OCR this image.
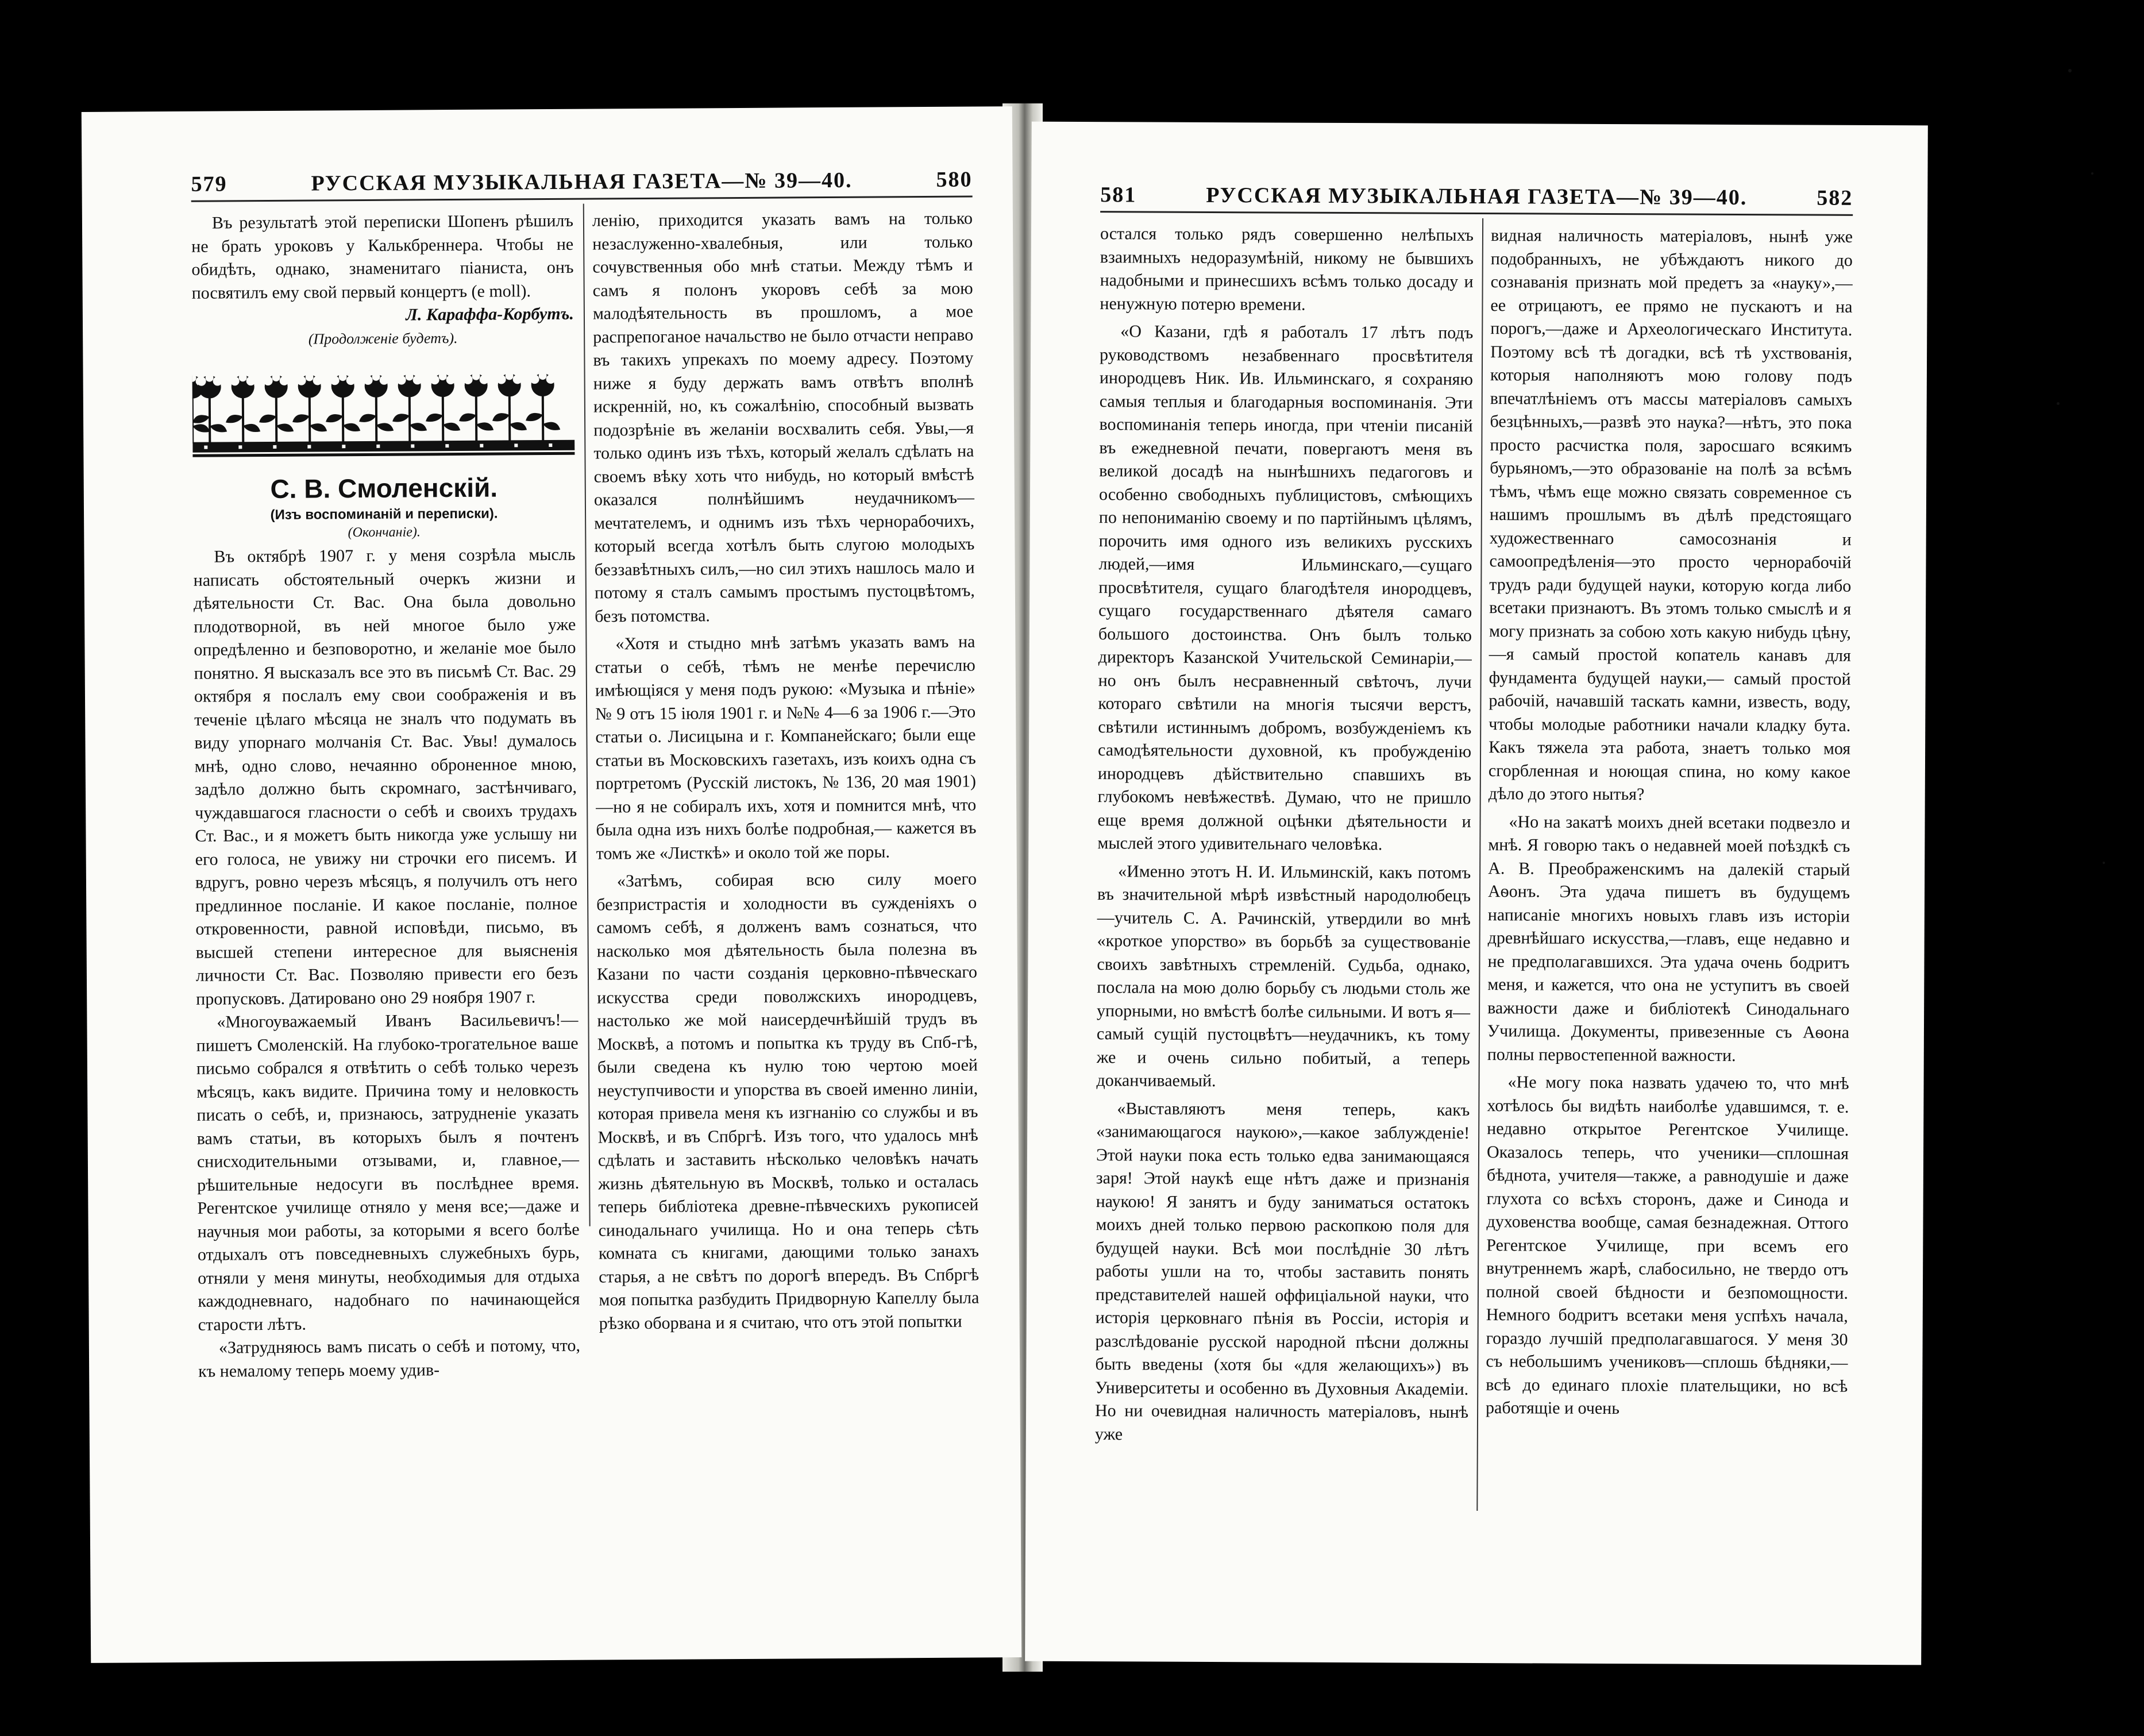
579	РУССКАЯ МУЗЫКАЛЬНАЯ ГАЗЕТА—№ 39—40.	580

Въ результатѣ этой переписки Шопенъ рѣшилъ не брать уроковъ у Калькбреннера. Чтобы не обидѣть, однако, знаменитаго піаниста, онъ посвятилъ ему свой первый концертъ (e moll).

Л. Караффа-Корбутъ.
(Продолженіе будетъ).
С. В. Смоленскій.
(Изъ воспоминаній и переписки).
(Окончаніе).

Въ октябрѣ 1907 г. у меня созрѣла мысль написать обстоятельный очеркъ жизни и дѣятельности Ст. Вас. Она была довольно плодотворной, въ ней многое было уже опредѣленно и безповоротно, и желаніе мое было понятно. Я высказалъ все это въ письмѣ Ст. Вас. 29 октября я послалъ ему свои соображенія и въ теченіе цѣлаго мѣсяца не зналъ что подумать въ виду упорнаго молчанія Ст. Вас. Увы! думалось мнѣ, одно слово, нечаянно оброненное мною, задѣло должно быть скромнаго, застѣнчиваго, чуждавшагося гласности о себѣ и своихъ трудахъ Ст. Вас., и я можетъ быть никогда уже услышу ни его голоса, не увижу ни строчки его писемъ. И вдругъ, ровно черезъ мѣсяцъ, я получилъ отъ него предлинное посланіе. И какое посланіе, полное откровенности, равной исповѣди, письмо, въ высшей степени интересное для выясненія личности Ст. Вас. Позволяю привести его безъ пропусковъ. Датировано оно 29 ноября 1907 г.

«Многоуважаемый Иванъ Васильевичъ!— пишетъ Смоленскій. На глубоко-трогательное ваше письмо собрался я отвѣтить о себѣ только черезъ мѣсяцъ, какъ видите. Причина тому и неловкость писать о себѣ, и, признаюсь, затрудненіе указать вамъ статьи, въ которыхъ былъ я почтенъ снисходительными отзывами, и, главное,—рѣшительные недосуги въ послѣднее время. Регентское училище отняло у меня все;—даже и научныя мои работы, за которыми я всего болѣе отдыхалъ отъ повседневныхъ служебныхъ бурь, отняли у меня минуты, необходимыя для отдыха каждодневнаго, надобнаго по начинающейся старости лѣтъ.

«Затрудняюсь вамъ писать о себѣ и потому, что, къ немалому теперь моему удив-

ленію, приходится указать вамъ на только незаслуженно-хвалебныя, или только сочувственныя обо мнѣ статьи. Между тѣмъ и самъ я полонъ укоровъ себѣ за мою малодѣятельность въ прошломъ, а мое распрепоганое начальство не было отчасти неправо въ такихъ упрекахъ по моему адресу. Поэтому ниже я буду держать вамъ отвѣтъ вполнѣ искренній, но, къ сожалѣнію, способный вызвать подозрѣніе въ желаніи восхвалить себя. Увы,—я только одинъ изъ тѣхъ, который желалъ сдѣлать на своемъ вѣку хоть что нибудь, но который вмѣстѣ оказался полнѣйшимъ неудачникомъ—мечтателемъ, и однимъ изъ тѣхъ чернорабочихъ, который всегда хотѣлъ быть слугою молодыхъ беззавѣтныхъ силъ,—но сил этихъ нашлось мало и потому я сталъ самымъ простымъ пустоцвѣтомъ, безъ потомства.

«Хотя и стыдно мнѣ затѣмъ указать вамъ на статьи о себѣ, тѣмъ не менѣе перечислю имѣющіяся у меня подъ рукою: «Музыка и пѣніе» № 9 отъ 15 іюля 1901 г. и №№ 4—6 за 1906 г.—Это статьи о. Лисицына и г. Компанейскаго; были еще статьи въ Московскихъ газетахъ, изъ коихъ одна съ портретомъ (Русскій листокъ, № 136, 20 мая 1901)—но я не собиралъ ихъ, хотя и помнится мнѣ, что была одна изъ нихъ болѣе подробная,— кажется въ томъ же «Листкѣ» и около той же поры.

«Затѣмъ, собирая всю силу моего безпристрастія и холодности въ сужденіяхъ о самомъ себѣ, я долженъ вамъ сознаться, что насколько моя дѣятельность была полезна въ Казани по части созданія церковно-пѣвческаго искусства среди поволжскихъ инородцевъ, настолько же мой наисердечнѣйшій трудъ въ Москвѣ, а потомъ и попытка къ труду въ Спб-гѣ, были сведена къ нулю тою чертою моей неуступчивости и упорства въ своей именно линіи, которая привела меня къ изгнанію со службы и въ Москвѣ, и въ Спбргѣ. Изъ того, что удалось мнѣ сдѣлать и заставить нѣсколько человѣкъ начать жизнь дѣятельную въ Москвѣ, только и осталась теперь библіотека древне-пѣвческихъ рукописей синодальнаго училища. Но и она теперь сѣть комната съ книгами, дающими только занахъ старья, а не свѣтъ по дорогѣ впередъ. Въ Спбргѣ моя попытка разбудить Придворную Капеллу была рѣзко оборвана и я считаю, что отъ этой попытки

581	РУССКАЯ МУЗЫКАЛЬНАЯ ГАЗЕТА—№ 39—40.	582

остался только рядъ совершенно нелѣпыхъ взаимныхъ недоразумѣній, никому не бывшихъ надобными и принесшихъ всѣмъ только досаду и ненужную потерю времени.

«О Казани, гдѣ я работалъ 17 лѣтъ подъ руководствомъ незабвеннаго просвѣтителя инородцевъ Ник. Ив. Ильминскаго, я сохраняю самыя теплыя и благодарныя воспоминанія. Эти воспоминанія теперь иногда, при чтеніи писаній въ ежедневной печати, повергаютъ меня въ великой досадѣ на нынѣшнихъ педагоговъ и особенно свободныхъ публицистовъ, смѣющихъ по непониманію своему и по партійнымъ цѣлямъ, порочить имя одного изъ великихъ русскихъ людей,—имя Ильминскаго,—сущаго просвѣтителя, сущаго благодѣтеля инородцевъ, сущаго государственнаго дѣятеля самаго большого достоинства. Онъ былъ только директоръ Казанской Учительской Семинаріи,—но онъ былъ несравненный свѣточъ, лучи котораго свѣтили на многія тысячи верстъ, свѣтили истиннымъ добромъ, возбужденіемъ къ самодѣятельности духовной, къ пробужденію инородцевъ дѣйствительно спавшихъ въ глубокомъ невѣжествѣ. Думаю, что не пришло еще время должной оцѣнки дѣятельности и мыслей этого удивительнаго человѣка.

«Именно этотъ Н. И. Ильминскій, какъ потомъ въ значительной мѣрѣ извѣстный народолюбецъ—учитель С. А. Рачинскій, утвердили во мнѣ «кроткое упорство» въ борьбѣ за существованіе своихъ завѣтныхъ стремленій. Судьба, однако, послала на мою долю борьбу съ людьми столь же упорными, но вмѣстѣ болѣе сильными. И вотъ я—самый сущій пустоцвѣтъ—неудачникъ, къ тому же и очень сильно побитый, а теперь доканчиваемый.

«Выставляютъ меня теперь, какъ «занимающагося наукою»,—какое заблужденіе! Этой науки пока есть только едва занимающаяся заря! Этой наукѣ еще нѣтъ даже и признанія наукою! Я занятъ и буду заниматься остатокъ моихъ дней только первою раскопкою поля для будущей науки. Всѣ мои послѣдніе 30 лѣтъ работы ушли на то, чтобы заставить понять представителей нашей оффиціальной науки, что исторія церковнаго пѣнія въ Россіи, исторія и разслѣдованіе русской народной пѣсни должны быть введены (хотя бы «для желающихъ») въ Университеты и особенно въ Духовныя Академіи. Но ни очевидная наличность матеріаловъ, нынѣ уже

видная наличность матеріаловъ, нынѣ уже подобранныхъ, не убѣждаютъ никого до сознаванія признать мой предетъ за «науку»,— ее отрицаютъ, ее прямо не пускаютъ и на порогъ,—даже и Археологическаго Института. Поэтому всѣ тѣ догадки, всѣ тѣ ухствованія, которыя наполняютъ мою голову подъ впечатлѣніемъ отъ массы матеріаловъ самыхъ безцѣнныхъ,—развѣ это наука?—нѣтъ, это пока просто расчистка поля, заросшаго всякимъ бурьяномъ,—это образованіе на полѣ за всѣмъ тѣмъ, чѣмъ еще можно связать современное съ нашимъ прошлымъ въ дѣлѣ предстоящаго художественнаго самосознанія и самоопредѣленія—это просто чернорабочій трудъ ради будущей науки, которую когда либо всетаки признаютъ. Въ этомъ только смыслѣ и я могу признать за собою хоть какую нибудь цѣну,—я самый простой копатель канавъ для фундамента будущей науки,— самый простой рабочій, начавшій таскать камни, известь, воду, чтобы молодые работники начали кладку бута. Какъ тяжела эта работа, знаетъ только моя сгорбленная и ноющая спина, но кому какое дѣло до этого нытья?

«Но на закатѣ моихъ дней всетаки подвезло и мнѣ. Я говорю такъ о недавней моей поѣздкѣ съ А. В. Преображенскимъ на далекій старый Аѳонъ. Эта удача пишетъ въ будущемъ написаніе многихъ новыхъ главъ изъ исторіи древнѣйшаго искусства,—главъ, еще недавно и не предполагавшихся. Эта удача очень бодритъ меня, и кажется, что она не уступитъ въ своей важности даже и библіотекѣ Синодальнаго Училища. Документы, привезенные съ Аѳона полны первостепенной важности.

«Не могу пока назвать удачею то, что мнѣ хотѣлось бы видѣть наиболѣе удавшимся, т. е. недавно открытое Регентское Училище. Оказалось теперь, что ученики—сплошная бѣднота, учителя—также, а равнодушіе и даже глухота со всѣхъ сторонъ, даже и Синода и духовенства вообще, самая безнадежная. Оттого Регентское Училище, при всемъ его внутреннемъ жарѣ, слабосильно, не твердо отъ полной своей бѣдности и безпомощности. Немного бодритъ всетаки меня успѣхъ начала, гораздо лучшій предполагавшагося. У меня 30 съ небольшимъ учениковъ—сплошь бѣдняки,—всѣ до единаго плохіе плательщики, но всѣ работящіе и очень
